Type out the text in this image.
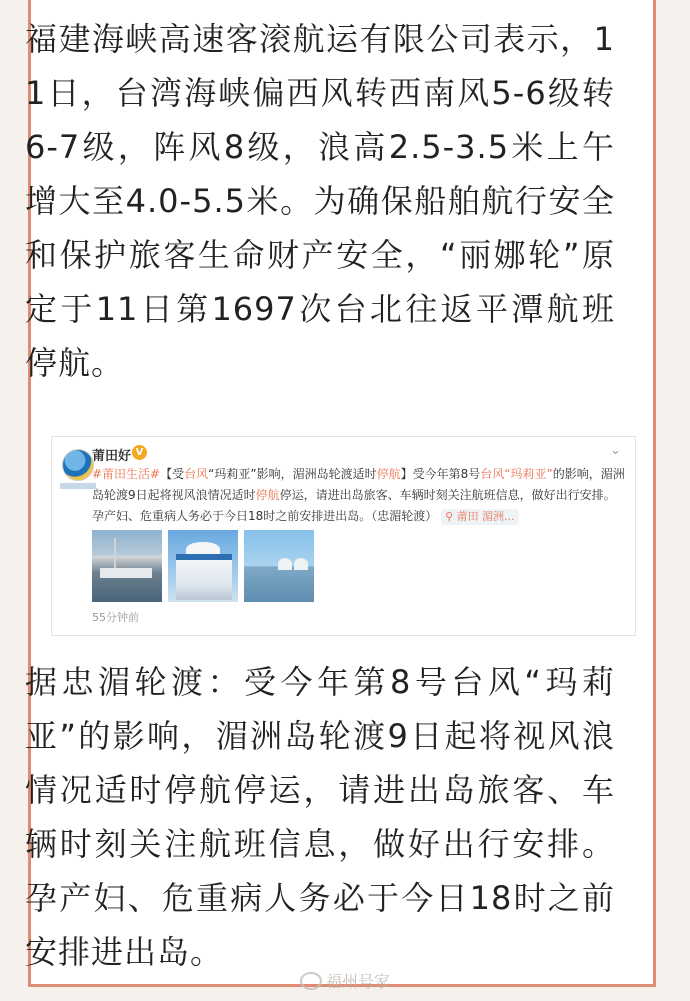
福建海峡高速客滚航运有限公司表示，11日，台湾海峡偏西风转西南风5-6级转6-7级，阵风8级，浪高2.5-3.5米上午增大至4.0-5.5米。为确保船舶航行安全和保护旅客生命财产安全，“丽娜轮”原定于11日第1697次台北往返平潭航班停航。

莆田好 V	⌄
#莆田生活#【受台风“玛莉亚”影响，湄洲岛轮渡适时停航】受今年第8号台风“玛莉亚”的影响，湄洲岛轮渡9日起将视风浪情况适时停航停运，请进出岛旅客、车辆时刻关注航班信息，做好出行安排。孕产妇、危重病人务必于今日18时之前安排进出岛。（忠湄轮渡） ⚲ 莆田 湄洲...
55分钟前

据忠湄轮渡：受今年第8号台风“玛莉亚”的影响，湄洲岛轮渡9日起将视风浪情况适时停航停运，请进出岛旅客、车辆时刻关注航班信息，做好出行安排。孕产妇、危重病人务必于今日18时之前安排进出岛。

福州号家
